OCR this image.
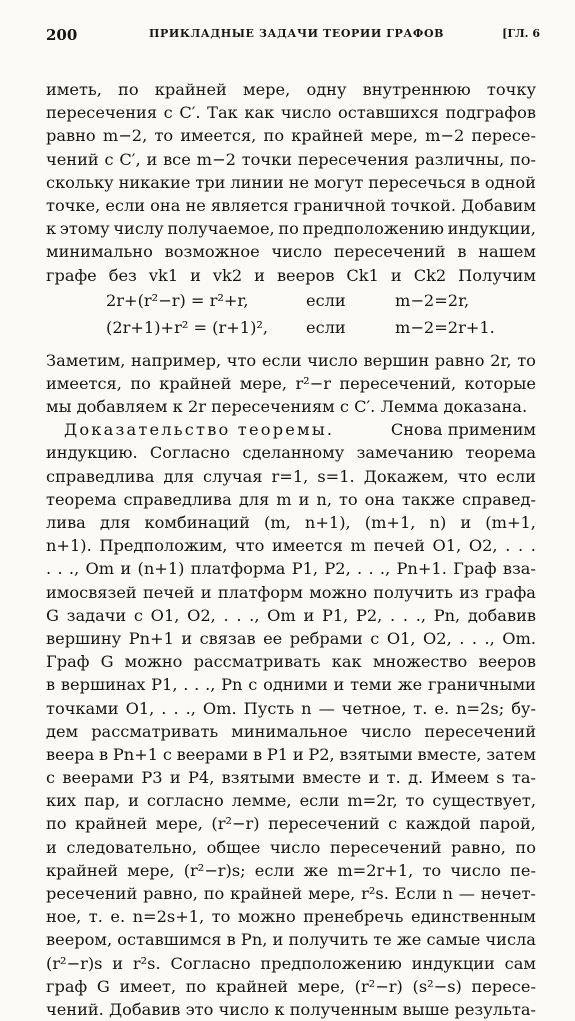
200	ПРИКЛАДНЫЕ ЗАДАЧИ ТЕОРИИ ГРАФОВ	[ГЛ. 6
иметь, по крайней мере, одну внутреннюю точку
пересечения с C′. Так как число оставшихся подграфов
равно m−2, то имеется, по крайней мере, m−2 пересе-
чений с C′, и все m−2 точки пересечения различны, по-
скольку никакие три линии не могут пересечься в одной
точке, если она не является граничной точкой. Добавим
к этому числу получаемое, по предположению индукции,
минимально возможное число пересечений в нашем
графе без vk1 и vk2 и вееров Ck1 и Ck2 Получим
2r+(r²−r) = r²+r,	если	m−2=2r,
(2r+1)+r² = (r+1)², если	m−2=2r+1.
Заметим, например, что если число вершин равно 2r, то
имеется, по крайней мере, r²−r пересечений, которые
мы добавляем к 2r пересечениям с C′. Лемма доказана.
Доказательство теоремы.	Снова применим
индукцию. Согласно сделанному замечанию теорема
справедлива для случая r=1, s=1. Докажем, что если
теорема справедлива для m и n, то она также справед-
лива для комбинаций (m, n+1), (m+1, n) и (m+1,
n+1). Предположим, что имеется m печей O1, O2, . . .
. . ., Om и (n+1) платформа P1, P2, . . ., Pn+1. Граф вза-
имосвязей печей и платформ можно получить из графа
G задачи с O1, O2, . . ., Om и P1, P2, . . ., Pn, добавив
вершину Pn+1 и связав ее ребрами с O1, O2, . . ., Om.
Граф G можно рассматривать как множество вееров
в вершинах P1, . . ., Pn с одними и теми же граничными
точками O1, . . ., Om. Пусть n — четное, т. е. n=2s; бу-
дем рассматривать минимальное число пересечений
веера в Pn+1 с веерами в P1 и P2, взятыми вместе, затем
с веерами P3 и P4, взятыми вместе и т. д. Имеем s та-
ких пар, и согласно лемме, если m=2r, то существует,
по крайней мере, (r²−r) пересечений с каждой парой,
и следовательно, общее число пересечений равно, по
крайней мере, (r²−r)s; если же m=2r+1, то число пе-
ресечений равно, по крайней мере, r²s. Если n — нечет-
ное, т. е. n=2s+1, то можно пренебречь единственным
веером, оставшимся в Pn, и получить те же самые числа
(r²−r)s и r²s. Согласно предположению индукции сам
граф G имеет, по крайней мере, (r²−r) (s²−s) пересе-
чений. Добавив это число к полученным выше результа-
